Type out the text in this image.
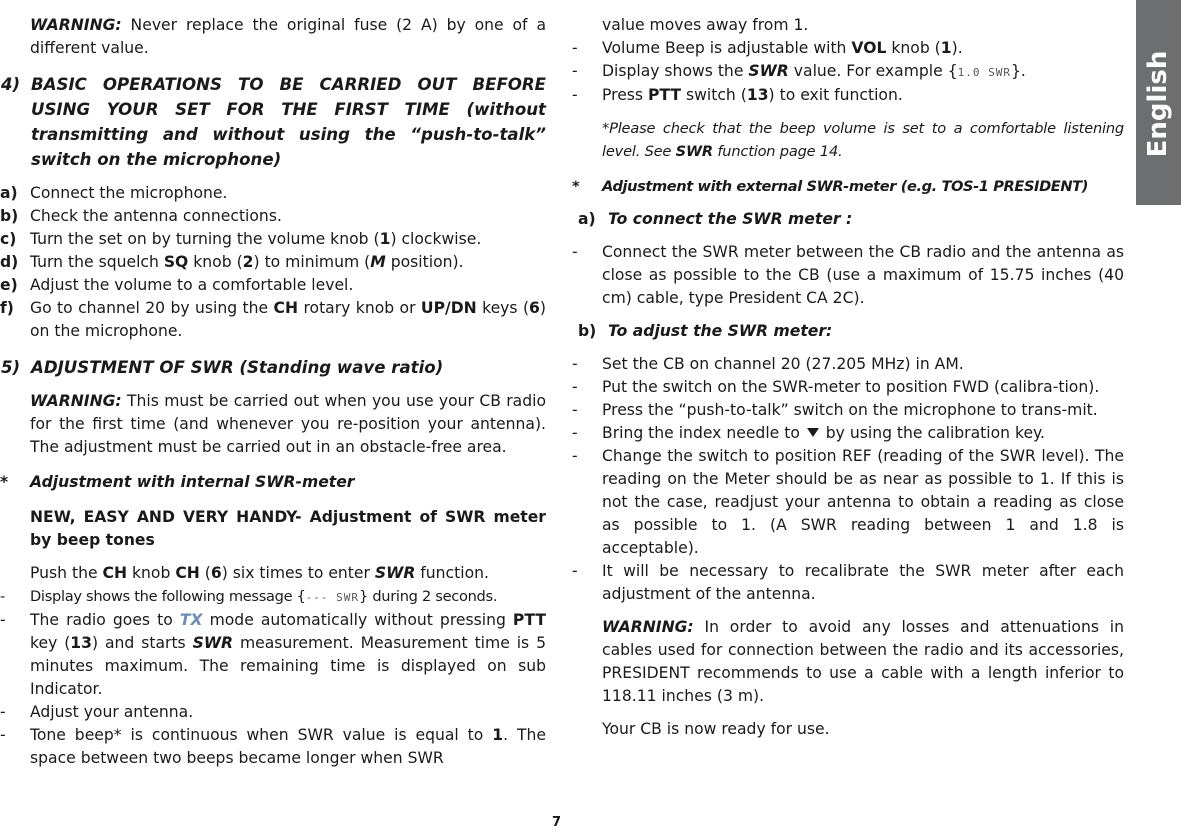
English

WARNING: Never replace the original fuse (2 A) by one of a different value.

4) BASIC OPERATIONS TO BE CARRIED OUT BEFORE USING YOUR SET FOR THE FIRST TIME (without transmitting and without using the “push-to-talk” switch on the microphone)

a) Connect the microphone.

b) Check the antenna connections.

c) Turn the set on by turning the volume knob (1) clockwise.

d) Turn the squelch SQ knob (2) to minimum (M position).

e) Adjust the volume to a comfortable level.

f) Go to channel 20 by using the CH rotary knob or UP/DN keys (6) on the microphone.

5) ADJUSTMENT OF SWR (Standing wave ratio)

WARNING: This must be carried out when you use your CB radio for the first time (and whenever you re-position your antenna). The adjustment must be carried out in an obstacle-free area.

* Adjustment with internal SWR-meter

NEW, EASY AND VERY HANDY- Adjustment of SWR meter by beep tones

Push the CH knob CH (6) six times to enter SWR function.

- Display shows the following message {--- SWR} during 2 seconds.

- The radio goes to TX mode automatically without pressing PTT key (13) and starts SWR measurement. Measurement time is 5 minutes maximum. The remaining time is displayed on sub Indicator.

- Adjust your antenna.

- Tone beep* is continuous when SWR value is equal to 1. The space between two beeps became longer when SWR

value moves away from 1.

- Volume Beep is adjustable with VOL knob (1).

- Display shows the SWR value. For example {1.0 SWR}.

- Press PTT switch (13) to exit function.

*Please check that the beep volume is set to a comfortable listening level. See SWR function page 14.

* Adjustment with external SWR-meter (e.g. TOS-1 PRESIDENT)

a) To connect the SWR meter :

- Connect the SWR meter between the CB radio and the antenna as close as possible to the CB (use a maximum of 15.75 inches (40 cm) cable, type President CA 2C).

b) To adjust the SWR meter:

- Set the CB on channel 20 (27.205 MHz) in AM.

- Put the switch on the SWR-meter to position FWD (calibra-tion).

- Press the “push-to-talk” switch on the microphone to trans-mit.

- Bring the index needle to  by using the calibration key.

- Change the switch to position REF (reading of the SWR level). The reading on the Meter should be as near as possible to 1. If this is not the case, readjust your antenna to obtain a reading as close as possible to 1. (A SWR reading between 1 and 1.8 is acceptable).

- It will be necessary to recalibrate the SWR meter after each adjustment of the antenna.

WARNING: In order to avoid any losses and attenuations in cables used for connection between the radio and its accessories, PRESIDENT recommends to use a cable with a length inferior to 118.11 inches (3 m).

Your CB is now ready for use.

7
